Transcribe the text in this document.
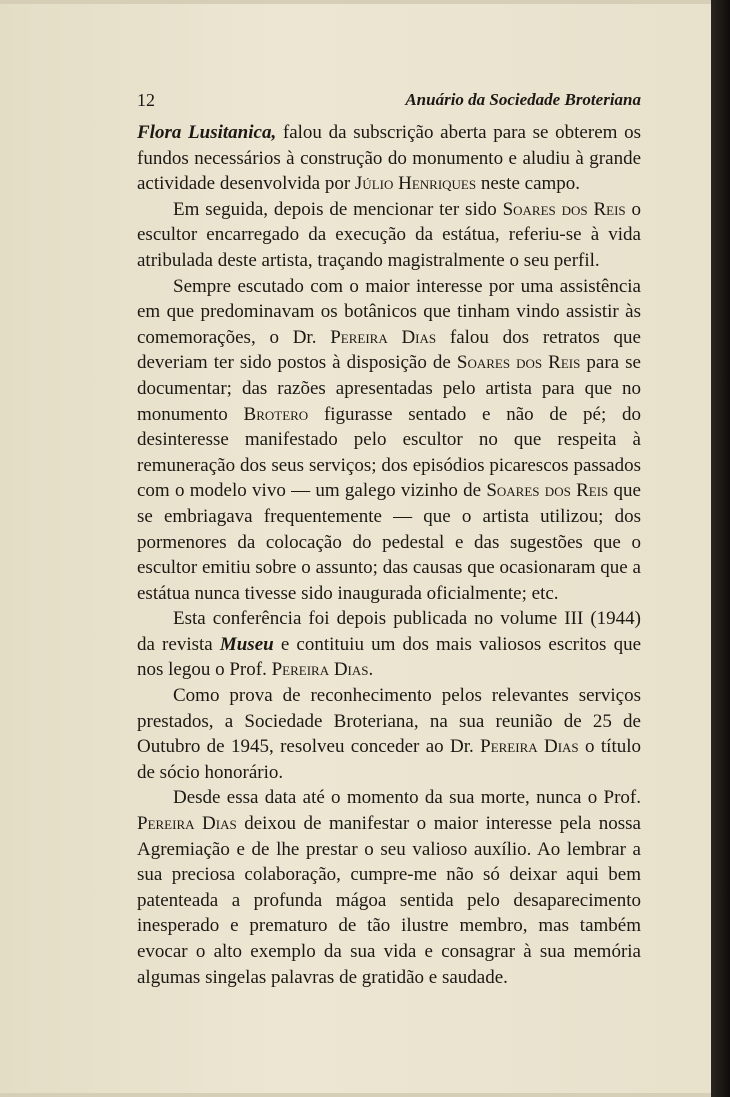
12	Anuário da Sociedade Broteriana

Flora Lusitanica, falou da subscrição aberta para se obterem os fundos necessários à construção do monumento e aludiu à grande actividade desenvolvida por Júlio Henriques neste campo.

Em seguida, depois de mencionar ter sido Soares dos Reis o escultor encarregado da execução da estátua, referiu-se à vida atribulada deste artista, traçando magistralmente o seu perfil.

Sempre escutado com o maior interesse por uma assistência em que predominavam os botânicos que tinham vindo assistir às comemorações, o Dr. Pereira Dias falou dos retratos que deveriam ter sido postos à disposição de Soares dos Reis para se documentar; das razões apresentadas pelo artista para que no monumento Brotero figurasse sentado e não de pé; do desinteresse manifestado pelo escultor no que respeita à remuneração dos seus serviços; dos episódios picarescos passados com o modelo vivo — um galego vizinho de Soares dos Reis que se embriagava frequentemente — que o artista utilizou; dos pormenores da colocação do pedestal e das sugestões que o escultor emitiu sobre o assunto; das causas que ocasionaram que a estátua nunca tivesse sido inaugurada oficialmente; etc.

Esta conferência foi depois publicada no volume III (1944) da revista Museu e contituiu um dos mais valiosos escritos que nos legou o Prof. Pereira Dias.

Como prova de reconhecimento pelos relevantes serviços prestados, a Sociedade Broteriana, na sua reunião de 25 de Outubro de 1945, resolveu conceder ao Dr. Pereira Dias o título de sócio honorário.

Desde essa data até o momento da sua morte, nunca o Prof. Pereira Dias deixou de manifestar o maior interesse pela nossa Agremiação e de lhe prestar o seu valioso auxílio. Ao lembrar a sua preciosa colaboração, cumpre-me não só deixar aqui bem patenteada a profunda mágoa sentida pelo desaparecimento inesperado e prematuro de tão ilustre membro, mas também evocar o alto exemplo da sua vida e consagrar à sua memória algumas singelas palavras de gratidão e saudade.
